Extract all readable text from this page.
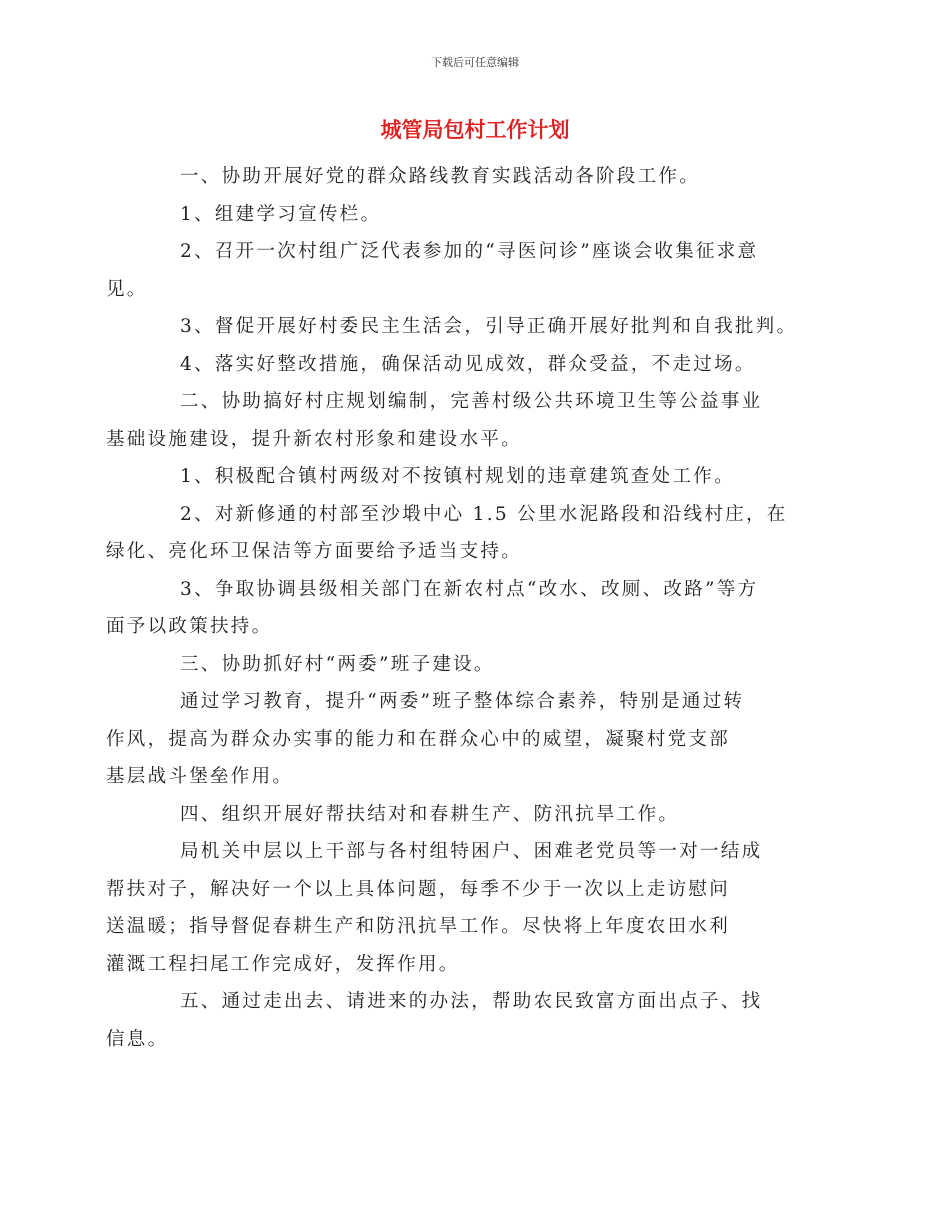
下载后可任意编辑
城管局包村工作计划

一、协助开展好党的群众路线教育实践活动各阶段工作。

1、组建学习宣传栏。

2、召开一次村组广泛代表参加的“寻医问诊”座谈会收集征求意
见。

3、督促开展好村委民主生活会，引导正确开展好批判和自我批判。

4、落实好整改措施，确保活动见成效，群众受益，不走过场。

二、协助搞好村庄规划编制，完善村级公共环境卫生等公益事业
基础设施建设，提升新农村形象和建设水平。

1、积极配合镇村两级对不按镇村规划的违章建筑查处工作。

2、对新修通的村部至沙塅中心 1.5 公里水泥路段和沿线村庄，在
绿化、亮化环卫保洁等方面要给予适当支持。

3、争取协调县级相关部门在新农村点“改水、改厕、改路”等方
面予以政策扶持。

三、协助抓好村“两委”班子建设。

通过学习教育，提升“两委”班子整体综合素养，特别是通过转
作风，提高为群众办实事的能力和在群众心中的威望，凝聚村党支部
基层战斗堡垒作用。

四、组织开展好帮扶结对和春耕生产、防汛抗旱工作。

局机关中层以上干部与各村组特困户、困难老党员等一对一结成
帮扶对子，解决好一个以上具体问题，每季不少于一次以上走访慰问
送温暖；指导督促春耕生产和防汛抗旱工作。尽快将上年度农田水利
灌溉工程扫尾工作完成好，发挥作用。

五、通过走出去、请进来的办法，帮助农民致富方面出点子、找
信息。
